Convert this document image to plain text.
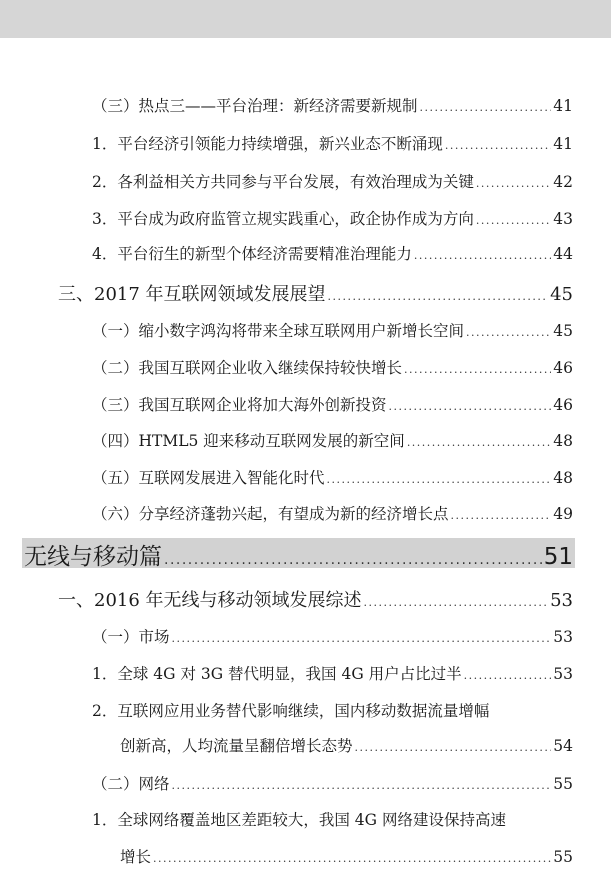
（三）热点三——平台治理：新经济需要新规制 .....	41
1．平台经济引领能力持续增强，新兴业态不断涌现 .....	41
2．各利益相关方共同参与平台发展，有效治理成为关键 .....	42
3．平台成为政府监管立规实践重心，政企协作成为方向 .....	43
4．平台衍生的新型个体经济需要精准治理能力 .....	44
三、2017 年互联网领域发展展望 .....	45
（一）缩小数字鸿沟将带来全球互联网用户新增长空间 .....	45
（二）我国互联网企业收入继续保持较快增长 .....	46
（三）我国互联网企业将加大海外创新投资 .....	46
（四）HTML5 迎来移动互联网发展的新空间 .....	48
（五）互联网发展进入智能化时代 .....	48
（六）分享经济蓬勃兴起，有望成为新的经济增长点 .....	49
无线与移动篇 .....	51
一、2016 年无线与移动领域发展综述 .....	53
（一）市场 .....	53
1．全球 4G 对 3G 替代明显，我国 4G 用户占比过半 .....	53
2．互联网应用业务替代影响继续，国内移动数据流量增幅
创新高，人均流量呈翻倍增长态势 .....	54
（二）网络 .....	55
1．全球网络覆盖地区差距较大，我国 4G 网络建设保持高速
增长 .....	55
